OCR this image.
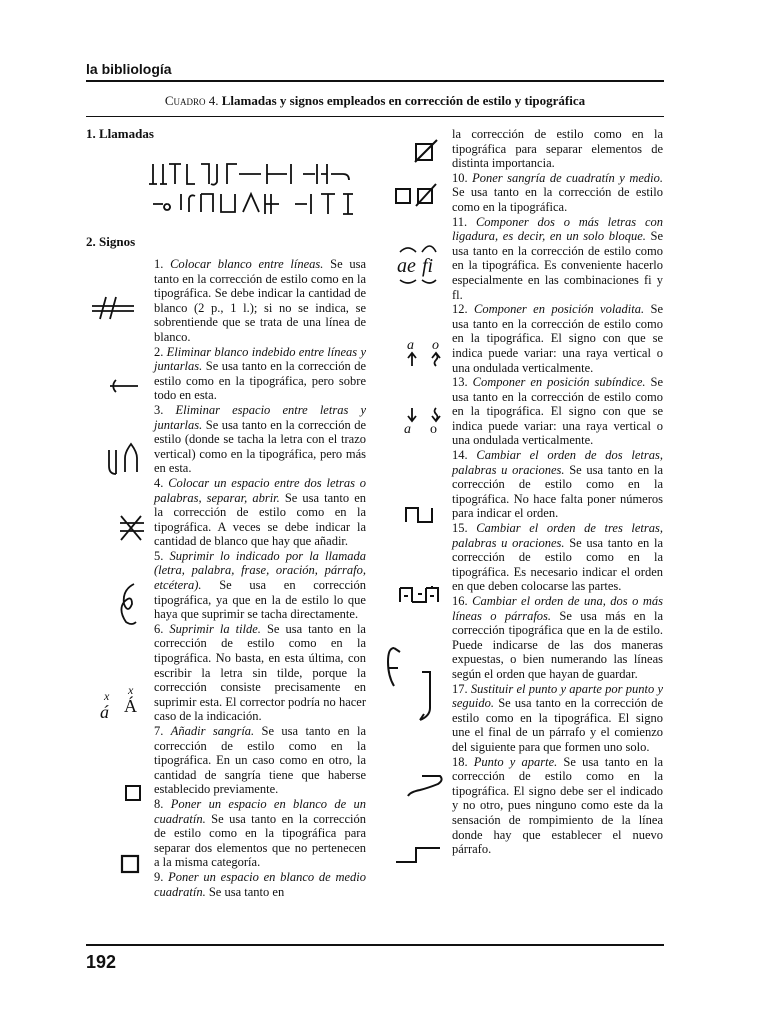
la bibliología
Cuadro 4. Llamadas y signos empleados en corrección de estilo y tipográfica
1. Llamadas
2. Signos
x
á
x
Á
ae fi
a o
a o

1. Colocar blanco entre líneas. Se usa tanto en la corrección de estilo como en la tipográfica. Se debe indicar la cantidad de blanco (2 p., 1 l.); si no se indica, se sobrentiende que se trata de una línea de blanco.

2. Eliminar blanco indebido entre líneas y juntarlas. Se usa tanto en la corrección de estilo como en la tipográfica, pero sobre todo en esta.

3. Eliminar espacio entre letras y juntarlas. Se usa tanto en la corrección de estilo (donde se tacha la letra con el trazo vertical) como en la tipográfica, pero más en esta.

4. Colocar un espacio entre dos letras o palabras, separar, abrir. Se usa tanto en la corrección de estilo como en la tipográfica. A veces se debe indicar la cantidad de blanco que hay que añadir.

5. Suprimir lo indicado por la llamada (letra, palabra, frase, oración, párrafo, etcétera). Se usa en corrección tipográfica, ya que en la de estilo lo que haya que suprimir se tacha directamente.

6. Suprimir la tilde. Se usa tanto en la corrección de estilo como en la tipográfica. No basta, en esta última, con escribir la letra sin tilde, porque la corrección consiste precisamente en suprimir esta. El corrector podría no hacer caso de la indicación.

7. Añadir sangría. Se usa tanto en la corrección de estilo como en la tipográfica. En un caso como en otro, la cantidad de sangría tiene que haberse establecido previamente.

8. Poner un espacio en blanco de un cuadratín. Se usa tanto en la corrección de estilo como en la tipográfica para separar dos elementos que no pertenecen a la misma categoría.

9. Poner un espacio en blanco de medio cuadratín. Se usa tanto en

la corrección de estilo como en la tipográfica para separar elementos de distinta importancia.

10. Poner sangría de cuadratín y medio. Se usa tanto en la corrección de estilo como en la tipográfica.

11. Componer dos o más letras con ligadura, es decir, en un solo bloque. Se usa tanto en la corrección de estilo como en la tipográfica. Es conveniente hacerlo especialmente en las combinaciones fi y fl.

12. Componer en posición voladita. Se usa tanto en la corrección de estilo como en la tipográfica. El signo con que se indica puede variar: una raya vertical o una ondulada verticalmente.

13. Componer en posición subíndice. Se usa tanto en la corrección de estilo como en la tipográfica. El signo con que se indica puede variar: una raya vertical o una ondulada verticalmente.

14. Cambiar el orden de dos letras, palabras u oraciones. Se usa tanto en la corrección de estilo como en la tipográfica. No hace falta poner números para indicar el orden.

15. Cambiar el orden de tres letras, palabras u oraciones. Se usa tanto en la corrección de estilo como en la tipográfica. Es necesario indicar el orden en que deben colocarse las partes.

16. Cambiar el orden de una, dos o más líneas o párrafos. Se usa más en la corrección tipográfica que en la de estilo. Puede indicarse de las dos maneras expuestas, o bien numerando las líneas según el orden que hayan de guardar.

17. Sustituir el punto y aparte por punto y seguido. Se usa tanto en la corrección de estilo como en la tipográfica. El signo une el final de un párrafo y el comienzo del siguiente para que formen uno solo.

18. Punto y aparte. Se usa tanto en la corrección de estilo como en la tipográfica. El signo debe ser el indicado y no otro, pues ninguno como este da la sensación de rompimiento de la línea donde hay que establecer el nuevo párrafo.

192
